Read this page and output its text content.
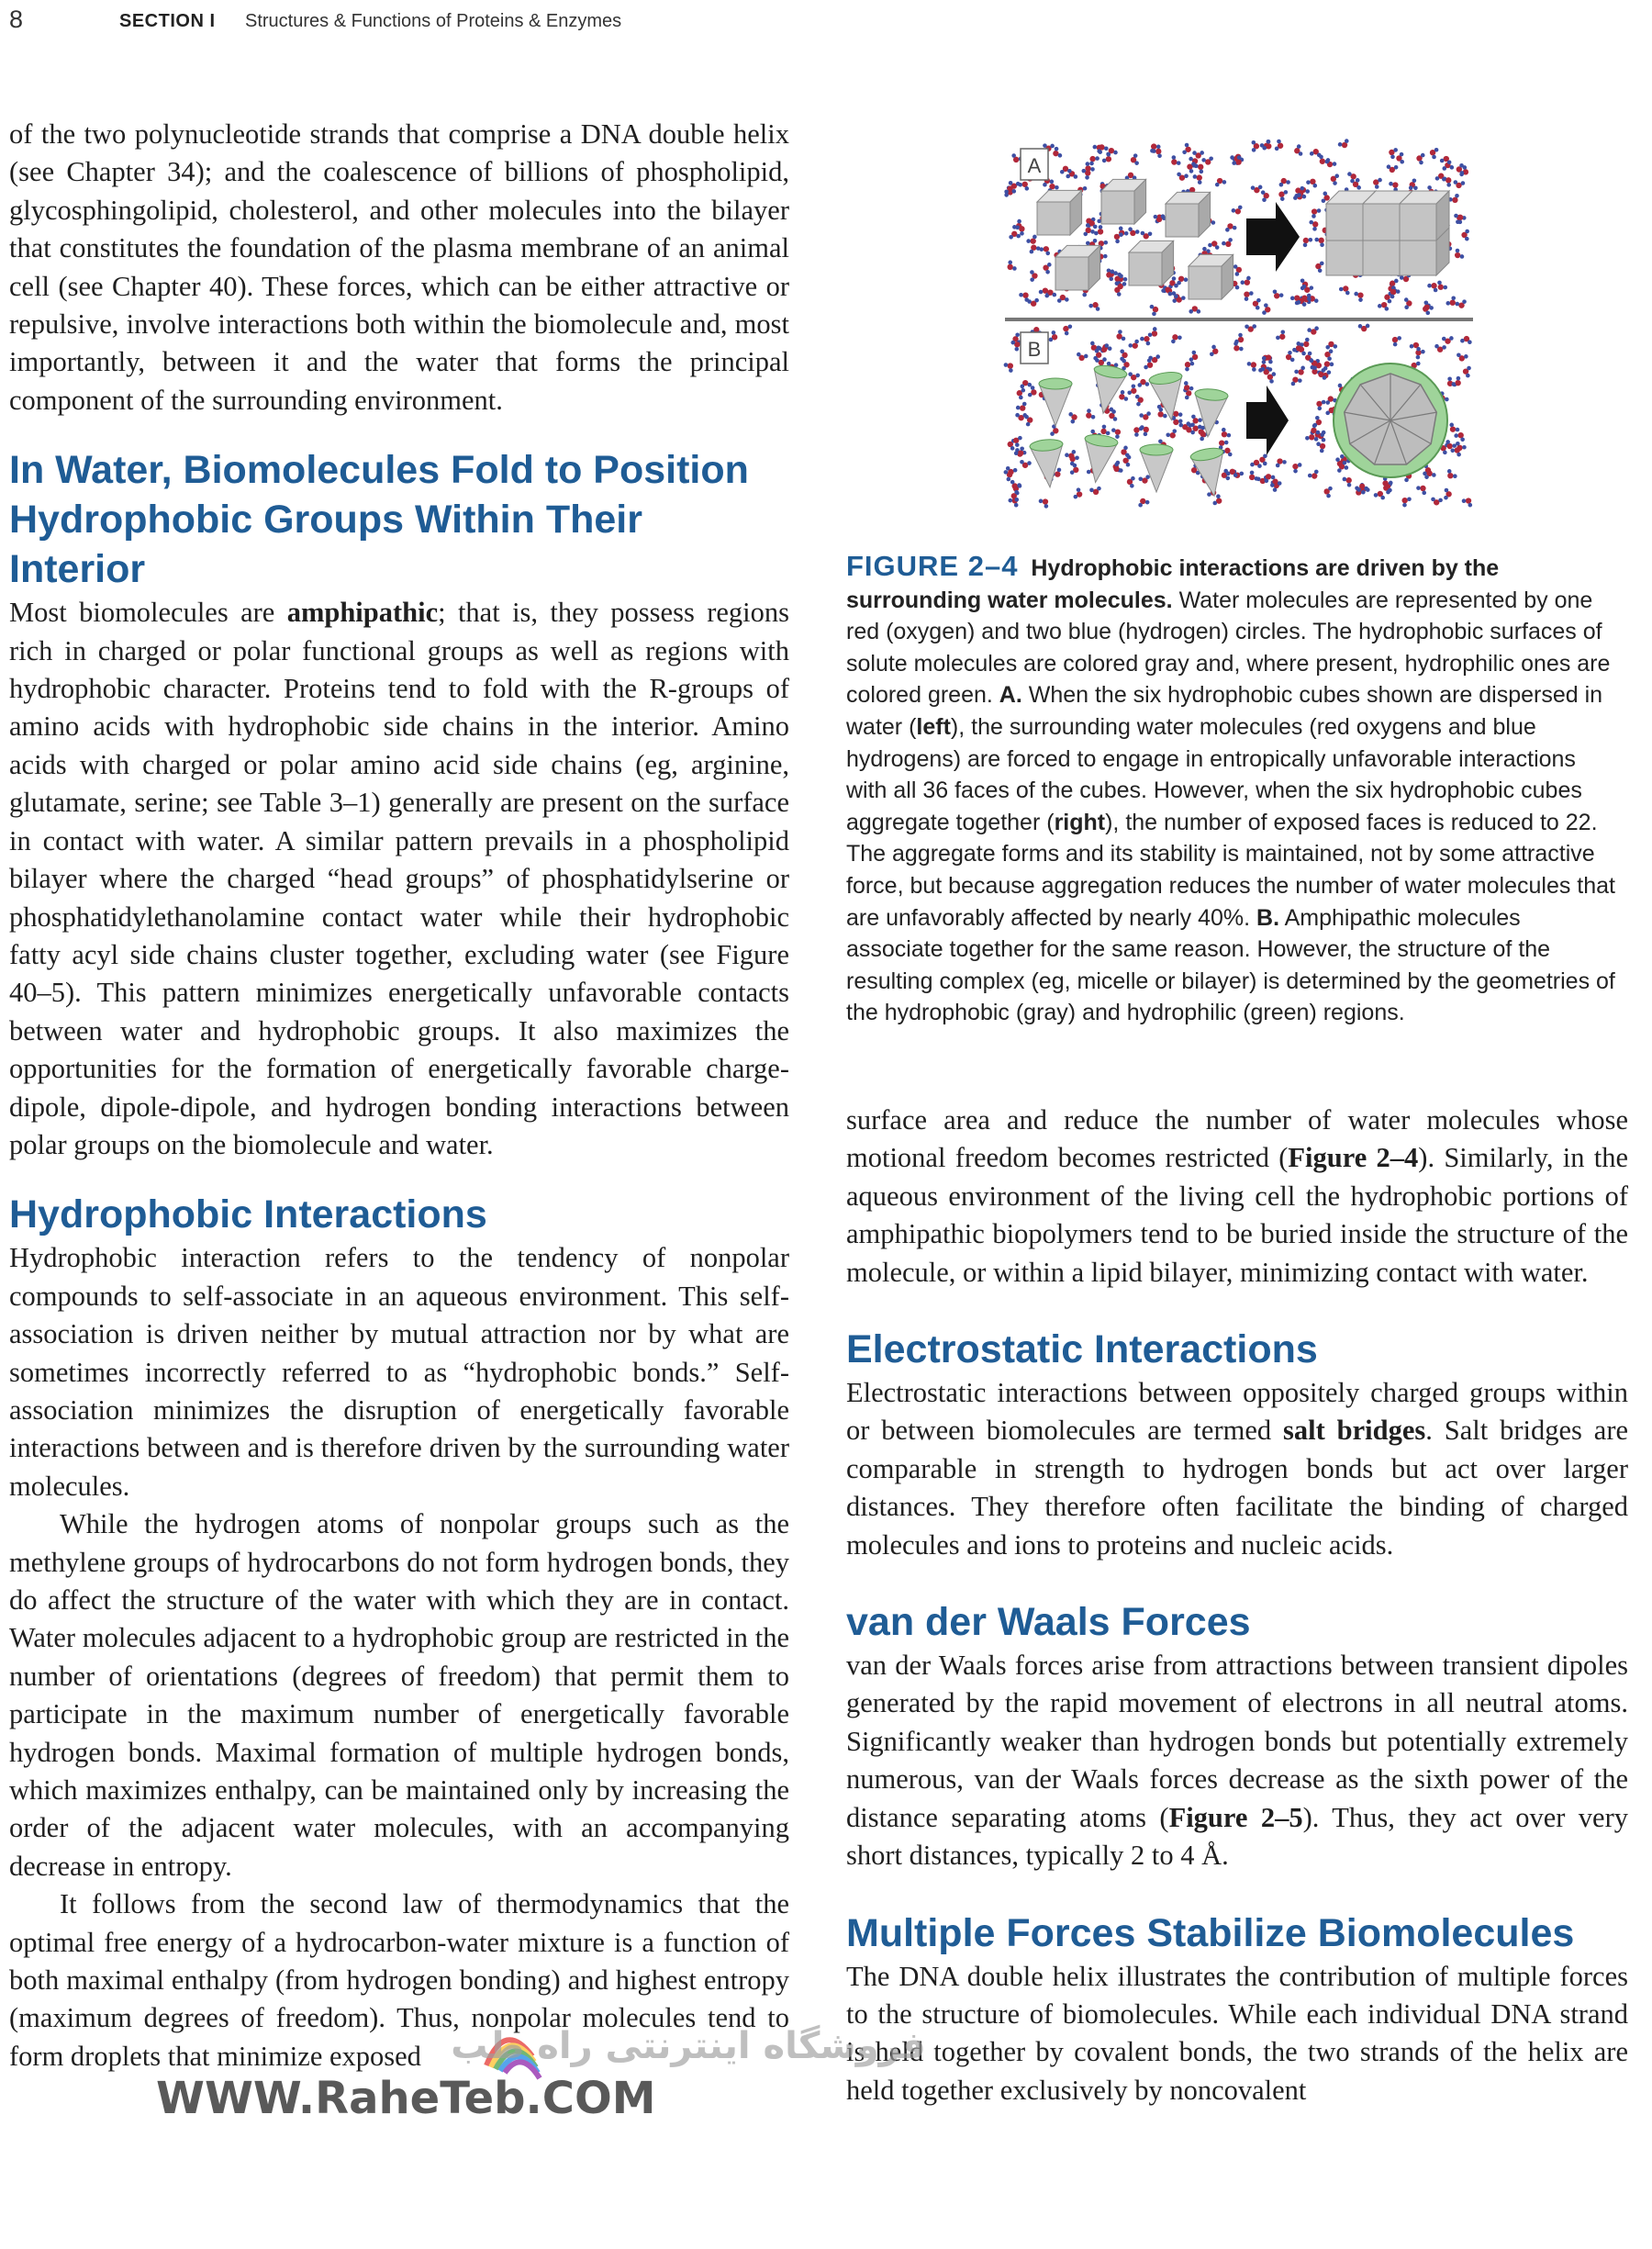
8	SECTION I Structures & Functions of Proteins & Enzymes

of the two polynucleotide strands that comprise a DNA double helix (see Chapter 34); and the coalescence of billions of phospholipid, glycosphingolipid, cholesterol, and other molecules into the bilayer that constitutes the foundation of the plasma membrane of an animal cell (see Chapter 40). These forces, which can be either attractive or repulsive, involve interactions both within the biomolecule and, most importantly, between it and the water that forms the principal component of the surrounding environment.

In Water, Biomolecules Fold to Position Hydrophobic Groups Within Their Interior

Most biomolecules are amphipathic; that is, they possess regions rich in charged or polar functional groups as well as regions with hydrophobic character. Proteins tend to fold with the R-groups of amino acids with hydrophobic side chains in the interior. Amino acids with charged or polar amino acid side chains (eg, arginine, glutamate, serine; see Table 3–1) generally are present on the surface in contact with water. A similar pattern prevails in a phospholipid bilayer where the charged “head groups” of phosphatidylserine or phosphatidylethanolamine contact water while their hydrophobic fatty acyl side chains cluster together, excluding water (see Figure 40–5). This pattern minimizes energetically unfavorable contacts between water and hydrophobic groups. It also maximizes the opportunities for the formation of energetically favorable charge-dipole, dipole-dipole, and hydrogen bonding interactions between polar groups on the biomolecule and water.

Hydrophobic Interactions

Hydrophobic interaction refers to the tendency of nonpolar compounds to self-associate in an aqueous environment. This self-association is driven neither by mutual attraction nor by what are sometimes incorrectly referred to as “hydrophobic bonds.” Self-association minimizes the disruption of energetically favorable interactions between and is therefore driven by the surrounding water molecules.

While the hydrogen atoms of nonpolar groups such as the methylene groups of hydrocarbons do not form hydrogen bonds, they do affect the structure of the water with which they are in contact. Water molecules adjacent to a hydrophobic group are restricted in the number of orientations (degrees of freedom) that permit them to participate in the maximum number of energetically favorable hydrogen bonds. Maximal formation of multiple hydrogen bonds, which maximizes enthalpy, can be maintained only by increasing the order of the adjacent water molecules, with an accompanying decrease in entropy.

It follows from the second law of thermodynamics that the optimal free energy of a hydrocarbon-water mixture is a function of both maximal enthalpy (from hydrogen bonding) and highest entropy (maximum degrees of freedom). Thus, nonpolar molecules tend to form droplets that minimize exposed

A
B
FIGURE 2–4 Hydrophobic interactions are driven by the surrounding water molecules. Water molecules are represented by one red (oxygen) and two blue (hydrogen) circles. The hydrophobic surfaces of solute molecules are colored gray and, where present, hydrophilic ones are colored green. A. When the six hydrophobic cubes shown are dispersed in water (left), the surrounding water molecules (red oxygens and blue hydrogens) are forced to engage in entropically unfavorable interactions with all 36 faces of the cubes. However, when the six hydrophobic cubes aggregate together (right), the number of exposed faces is reduced to 22. The aggregate forms and its stability is maintained, not by some attractive force, but because aggregation reduces the number of water molecules that are unfavorably affected by nearly 40%. B. Amphipathic molecules associate together for the same reason. However, the structure of the resulting complex (eg, micelle or bilayer) is determined by the geometries of the hydrophobic (gray) and hydrophilic (green) regions.

surface area and reduce the number of water molecules whose motional freedom becomes restricted (Figure 2–4). Similarly, in the aqueous environment of the living cell the hydrophobic portions of amphipathic biopolymers tend to be buried inside the structure of the molecule, or within a lipid bilayer, minimizing contact with water.

Electrostatic Interactions

Electrostatic interactions between oppositely charged groups within or between biomolecules are termed salt bridges. Salt bridges are comparable in strength to hydrogen bonds but act over larger distances. They therefore often facilitate the binding of charged molecules and ions to proteins and nucleic acids.

van der Waals Forces

van der Waals forces arise from attractions between transient dipoles generated by the rapid movement of electrons in all neutral atoms. Significantly weaker than hydrogen bonds but potentially extremely numerous, van der Waals forces decrease as the sixth power of the distance separating atoms (Figure 2–5). Thus, they act over very short distances, typically 2 to 4 Å.

Multiple Forces Stabilize Biomolecules

The DNA double helix illustrates the contribution of multiple forces to the structure of biomolecules. While each individual DNA strand is held together by covalent bonds, the two strands of the helix are held together exclusively by noncovalent

فروشگاه اینترنتی راه طب
WWW.RaheTeb.COM
